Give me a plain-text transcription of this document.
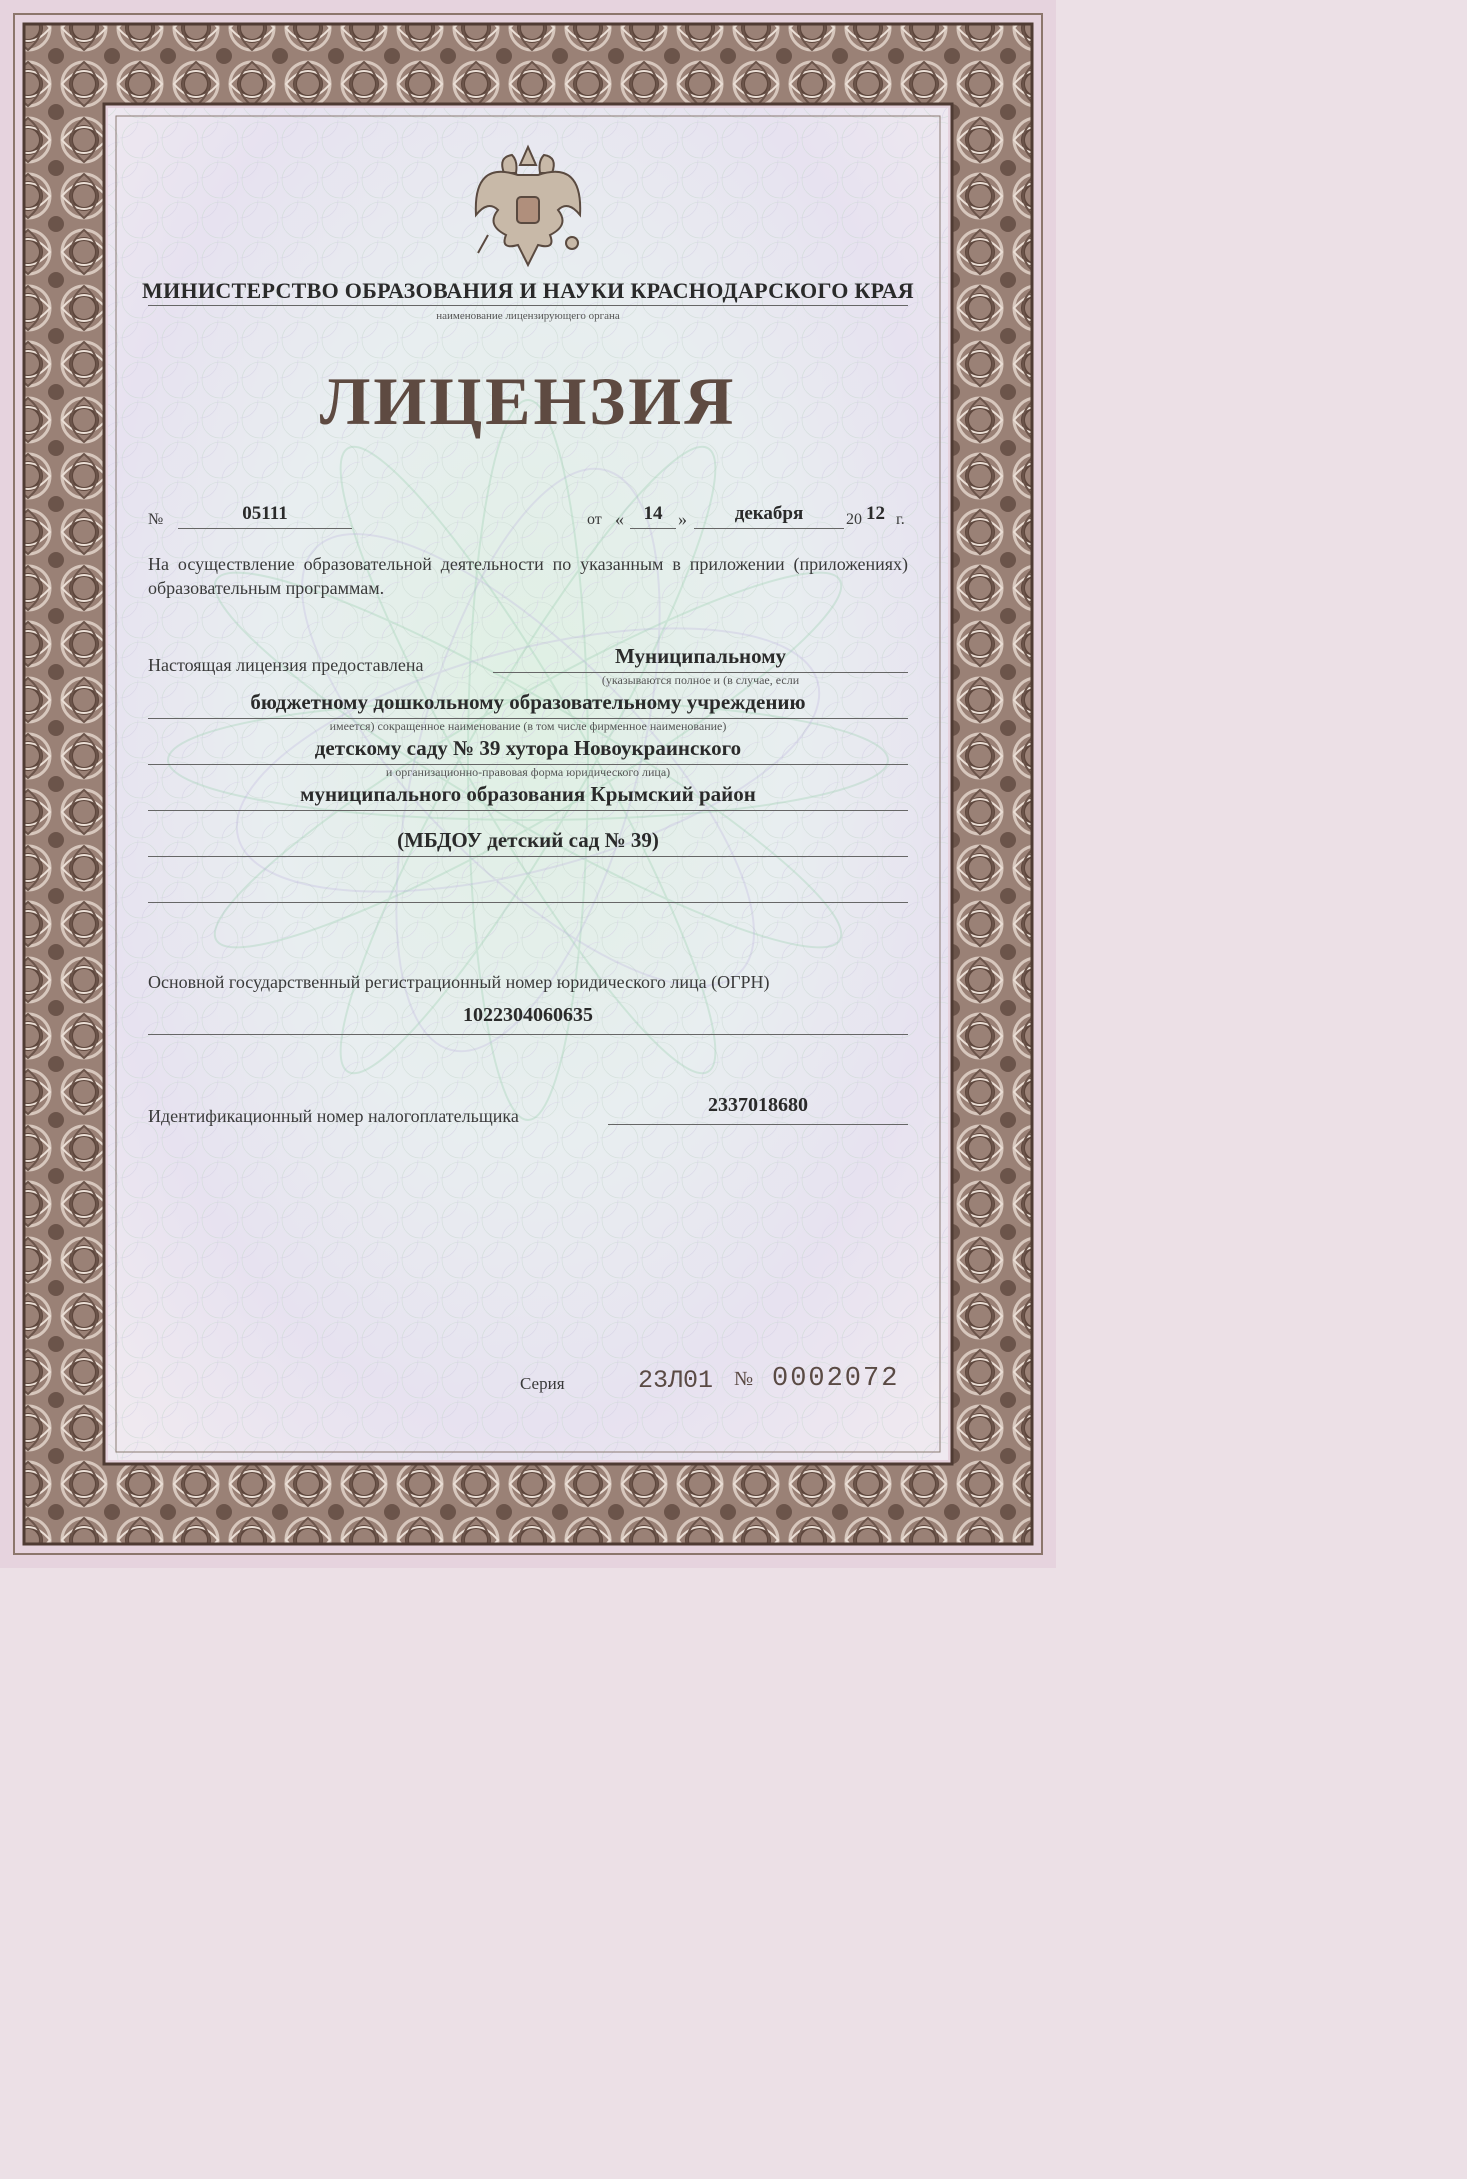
МИНИСТЕРСТВО ОБРАЗОВАНИЯ И НАУКИ КРАСНОДАРСКОГО КРАЯ
наименование лицензирующего органа
ЛИЦЕНЗИЯ
№	05111	от «	14 »	декабря	20 12 г.
На осуществление образовательной деятельности по указанным в приложении (приложениях) образовательным программам.
Настоящая лицензия предоставлена	Муниципальному
(указываются полное и (в случае, если
бюджетному дошкольному образовательному учреждению
имеется) сокращенное наименование (в том числе фирменное наименование)
детскому саду № 39 хутора Новоукраинского
и организационно-правовая форма юридического лица)
муниципального образования Крымский район
(МБДОУ детский сад № 39)
Основной государственный регистрационный номер юридического лица (ОГРН)
1022304060635
Идентификационный номер налогоплательщика	2337018680
Серия	23Л01 № 0002072
